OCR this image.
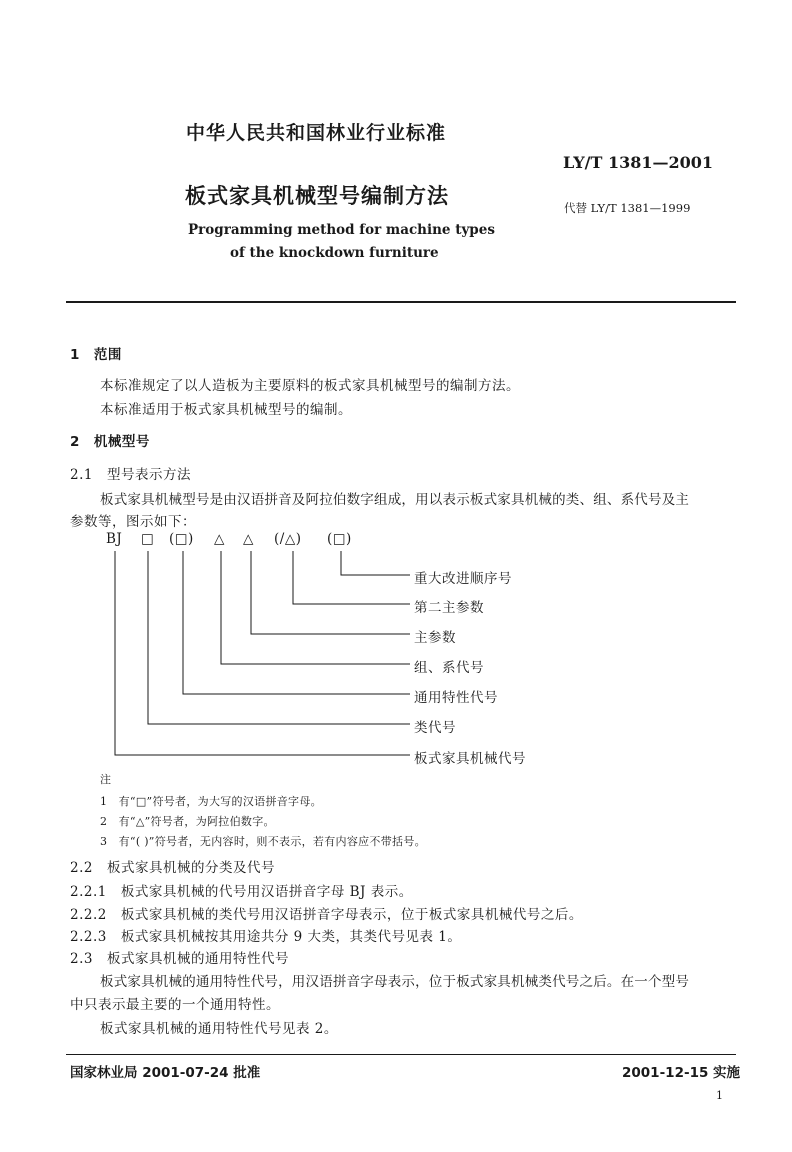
中华人民共和国林业行业标准
LY/T 1381—2001
板式家具机械型号编制方法	代替 LY/T 1381—1999
Programming method for machine types
of the knockdown furniture
1　范围
本标准规定了以人造板为主要原料的板式家具机械型号的编制方法。
本标准适用于板式家具机械型号的编制。
2　机械型号
2.1　型号表示方法
板式家具机械型号是由汉语拼音及阿拉伯数字组成，用以表示板式家具机械的类、组、系代号及主
参数等，图示如下：
BJ □ (□) △ △ (/△) (□)
重大改进顺序号
第二主参数
主参数
组、系代号
通用特性代号
类代号
板式家具机械代号
注
1　有“□”符号者，为大写的汉语拼音字母。
2　有“△”符号者，为阿拉伯数字。
3　有“( )”符号者，无内容时，则不表示，若有内容应不带括号。
2.2　板式家具机械的分类及代号
2.2.1　板式家具机械的代号用汉语拼音字母 BJ 表示。
2.2.2　板式家具机械的类代号用汉语拼音字母表示，位于板式家具机械代号之后。
2.2.3　板式家具机械按其用途共分 9 大类，其类代号见表 1。
2.3　板式家具机械的通用特性代号
板式家具机械的通用特性代号，用汉语拼音字母表示，位于板式家具机械类代号之后。在一个型号
中只表示最主要的一个通用特性。
板式家具机械的通用特性代号见表 2。
国家林业局 2001-07-24 批准	2001-12-15 实施
1
